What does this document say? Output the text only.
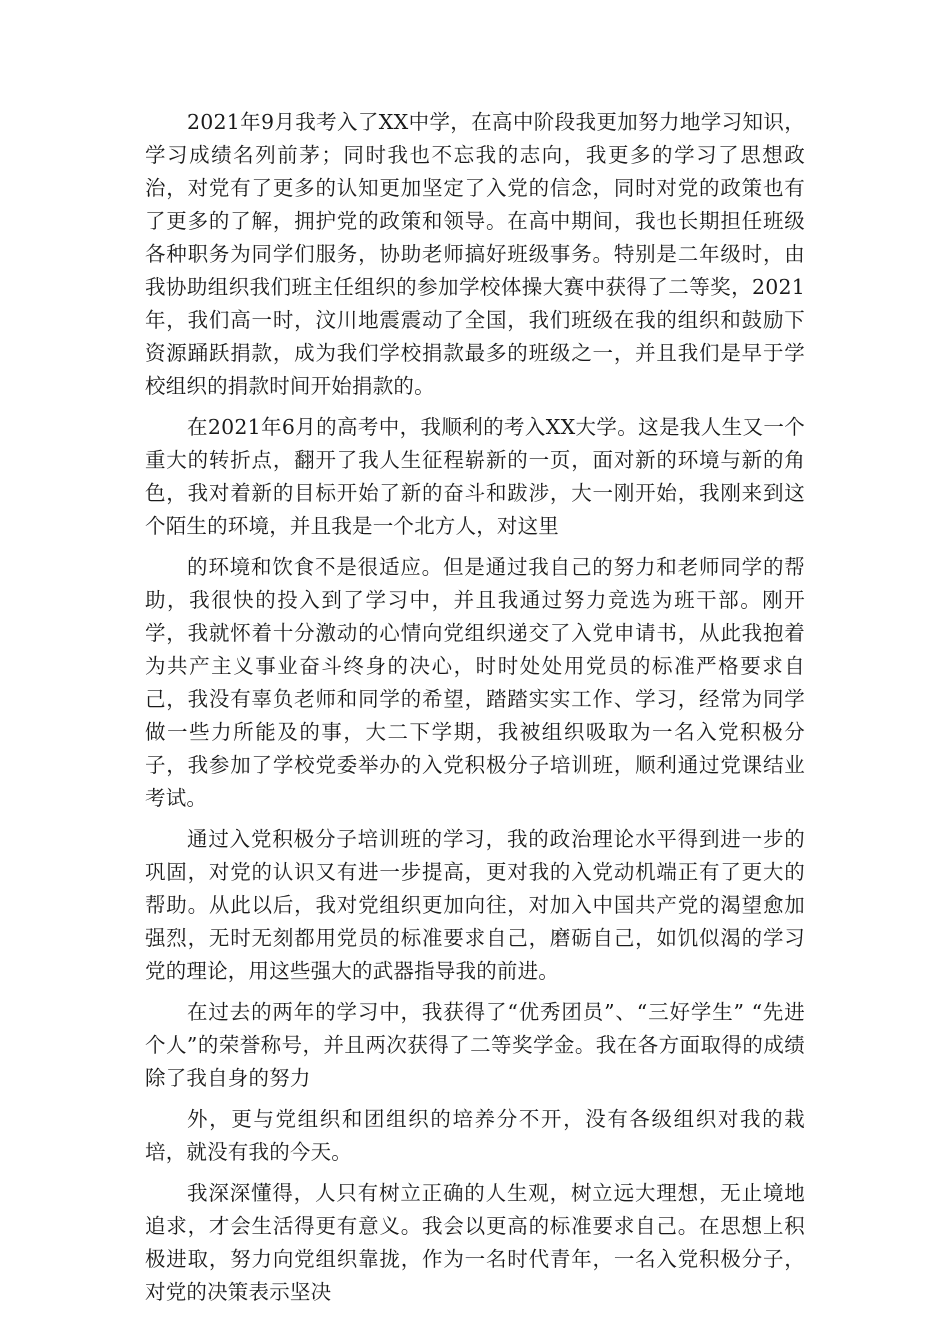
2021年9月我考入了XX中学，在高中阶段我更加努力地学习知识，学习成绩名列前茅；同时我也不忘我的志向，我更多的学习了思想政治，对党有了更多的认知更加坚定了入党的信念，同时对党的政策也有了更多的了解，拥护党的政策和领导。在高中期间，我也长期担任班级各种职务为同学们服务，协助老师搞好班级事务。特别是二年级时，由我协助组织我们班主任组织的参加学校体操大赛中获得了二等奖，2021年，我们高一时，汶川地震震动了全国，我们班级在我的组织和鼓励下资源踊跃捐款，成为我们学校捐款最多的班级之一，并且我们是早于学校组织的捐款时间开始捐款的。

在2021年6月的高考中，我顺利的考入XX大学。这是我人生又一个重大的转折点，翻开了我人生征程崭新的一页，面对新的环境与新的角色，我对着新的目标开始了新的奋斗和跋涉，大一刚开始，我刚来到这个陌生的环境，并且我是一个北方人，对这里

的环境和饮食不是很适应。但是通过我自己的努力和老师同学的帮助，我很快的投入到了学习中，并且我通过努力竞选为班干部。刚开学，我就怀着十分激动的心情向党组织递交了入党申请书，从此我抱着为共产主义事业奋斗终身的决心，时时处处用党员的标准严格要求自己，我没有辜负老师和同学的希望，踏踏实实工作、学习，经常为同学做一些力所能及的事，大二下学期，我被组织吸取为一名入党积极分子，我参加了学校党委举办的入党积极分子培训班，顺利通过党课结业考试。

通过入党积极分子培训班的学习，我的政治理论水平得到进一步的巩固，对党的认识又有进一步提高，更对我的入党动机端正有了更大的帮助。从此以后，我对党组织更加向往，对加入中国共产党的渴望愈加强烈，无时无刻都用党员的标准要求自己，磨砺自己，如饥似渴的学习党的理论，用这些强大的武器指导我的前进。

在过去的两年的学习中，我获得了“优秀团员”、“三好学生” “先进个人”的荣誉称号，并且两次获得了二等奖学金。我在各方面取得的成绩除了我自身的努力

外，更与党组织和团组织的培养分不开，没有各级组织对我的栽培，就没有我的今天。

我深深懂得，人只有树立正确的人生观，树立远大理想，无止境地追求，才会生活得更有意义。我会以更高的标准要求自己。在思想上积极进取，努力向党组织靠拢，作为一名时代青年，一名入党积极分子，对党的决策表示坚决
